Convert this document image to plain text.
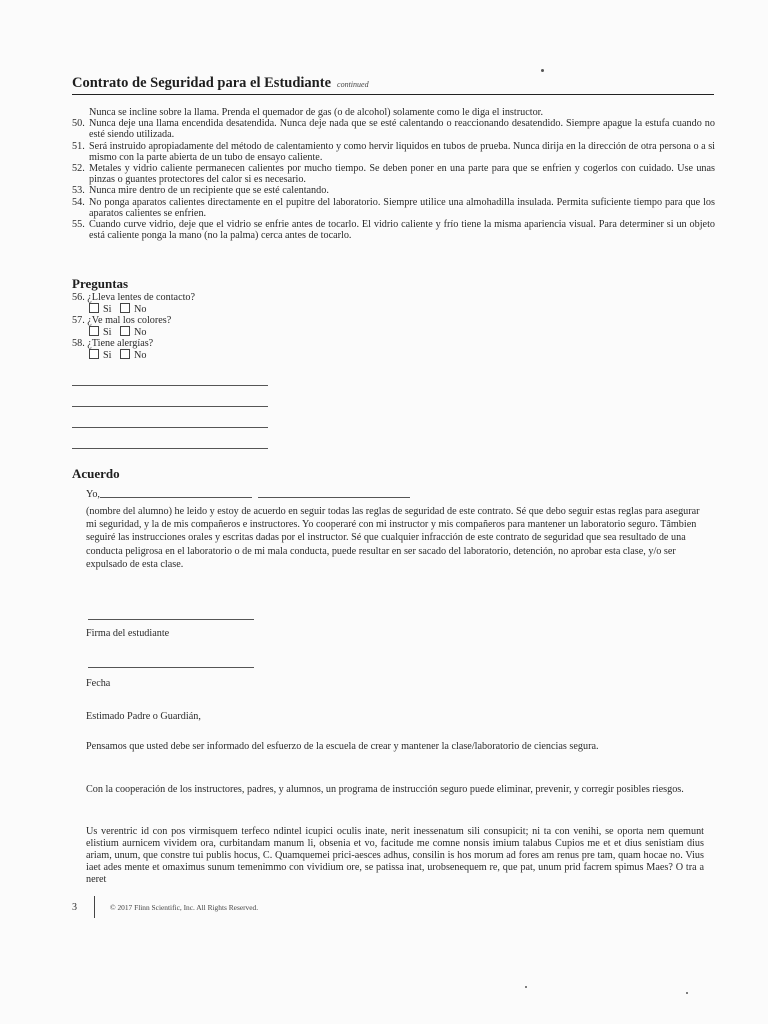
Contrato de Seguridad para el Estudiante continued

Nunca se incline sobre la llama. Prenda el quemador de gas (o de alcohol) solamente como le diga el instructor.

50. Nunca deje una llama encendida desatendida. Nunca deje nada que se esté calentando o reaccionando desatendido. Siempre apague la estufa cuando no esté siendo utilizada.

51. Será instruido apropiadamente del método de calentamiento y como hervir liquidos en tubos de prueba. Nunca dirija en la dirección de otra persona o a si mismo con la parte abierta de un tubo de ensayo caliente.

52. Metales y vidrio caliente permanecen calientes por mucho tiempo. Se deben poner en una parte para que se enfrien y cogerlos con cuidado. Use unas pinzas o guantes protectores del calor si es necesario.

53. Nunca mire dentro de un recipiente que se esté calentando.

54. No ponga aparatos calientes directamente en el pupitre del laboratorio. Siempre utilice una almohadilla insulada. Permita suficiente tiempo para que los aparatos calientes se enfrien.

55. Cuando curve vidrio, deje que el vidrio se enfrie antes de tocarlo. El vidrio caliente y frío tiene la misma apariencia visual. Para determiner si un objeto está caliente ponga la mano (no la palma) cerca antes de tocarlo.

Preguntas
56. ¿Lleva lentes de contacto?
Si No
57. ¿Ve mal los colores?
Si No
58. ¿Tiene alergías?
Si No
Acuerdo
Yo,

(nombre del alumno) he leido y estoy de acuerdo en seguir todas las reglas de seguridad de este contrato. Sé que debo seguir estas reglas para asegurar mi seguridad, y la de mis compañeros e instructores. Yo cooperaré con mi instructor y mis compañeros para mantener un laboratorio seguro. Tâmbien seguiré las instrucciones orales y escritas dadas por el instructor. Sé que cualquier infracción de este contrato de seguridad que sea resultado de una conducta peligrosa en el laboratorio o de mi mala conducta, puede resultar en ser sacado del laboratorio, detención, no aprobar esta clase, y/o ser expulsado de esta clase.

Firma del estudiante
Fecha
Estimado Padre o Guardián,

Pensamos que usted debe ser informado del esfuerzo de la escuela de crear y mantener la clase/laboratorio de ciencias segura.

Con la cooperación de los instructores, padres, y alumnos, un programa de instrucción seguro puede eliminar, prevenir, y corregir posibles riesgos.

Us verentric id con pos virmisquem terfeco ndintel icupici oculis inate, nerit inessenatum sili consupicit; ni ta con venihi, se oporta nem quemunt elistium aurnicem vividem ora, curbitandam manum li, obsenia et vo, facitude me comne nonsis imium talabus Cupios me et et dius senistiam dius ariam, unum, que constre tui publis hocus, C. Quamquemei prici-aesces adhus, consilin is hos morum ad fores am renus pre tam, quam hocae no. Vius iaet ades mente et omaximus sunum temenimmo con vividium ore, se patissa inat, urobsenequem re, que pat, unum prid facrem spimus Maes? O tra a neret

3	© 2017 Flinn Scientific, Inc. All Rights Reserved.
